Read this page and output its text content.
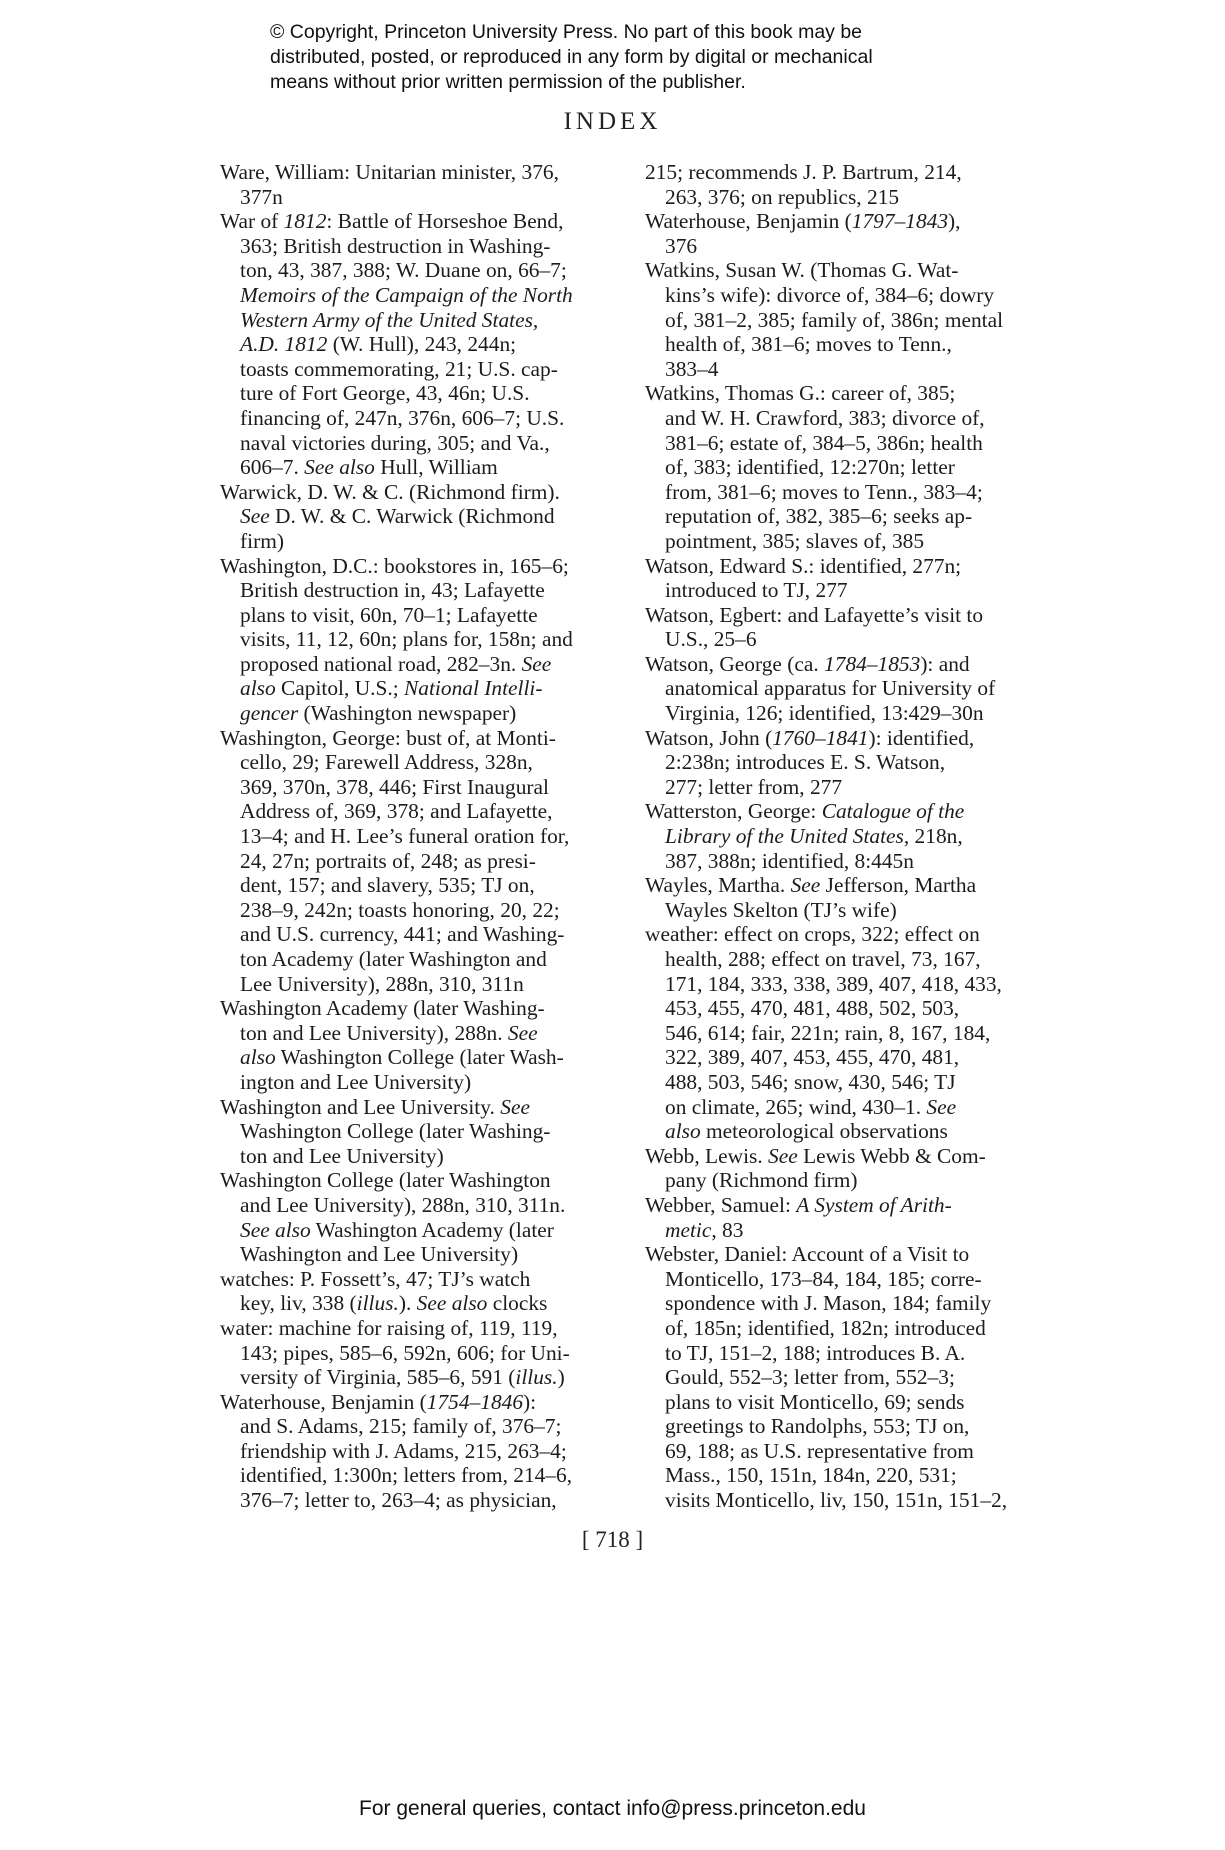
© Copyright, Princeton University Press. No part of this book may be
distributed, posted, or reproduced in any form by digital or mechanical
means without prior written permission of the publisher.
INDEX
Ware, William: Unitarian minister, 376,
377n
War of 1812: Battle of Horseshoe Bend,
363; British destruction in Washing-
ton, 43, 387, 388; W. Duane on, 66–7;
Memoirs of the Campaign of the North
Western Army of the United States,
A.D. 1812 (W. Hull), 243, 244n;
toasts commemorating, 21; U.S. cap-
ture of Fort George, 43, 46n; U.S.
financing of, 247n, 376n, 606–7; U.S.
naval victories during, 305; and Va.,
606–7. See also Hull, William
Warwick, D. W. & C. (Richmond firm).
See D. W. & C. Warwick (Richmond
firm)
Washington, D.C.: bookstores in, 165–6;
British destruction in, 43; Lafayette
plans to visit, 60n, 70–1; Lafayette
visits, 11, 12, 60n; plans for, 158n; and
proposed national road, 282–3n. See
also Capitol, U.S.; National Intelli-
gencer (Washington newspaper)
Washington, George: bust of, at Monti-
cello, 29; Farewell Address, 328n,
369, 370n, 378, 446; First Inaugural
Address of, 369, 378; and Lafayette,
13–4; and H. Lee’s funeral oration for,
24, 27n; portraits of, 248; as presi-
dent, 157; and slavery, 535; TJ on,
238–9, 242n; toasts honoring, 20, 22;
and U.S. currency, 441; and Washing-
ton Academy (later Washington and
Lee University), 288n, 310, 311n
Washington Academy (later Washing-
ton and Lee University), 288n. See
also Washington College (later Wash-
ington and Lee University)
Washington and Lee University. See
Washington College (later Washing-
ton and Lee University)
Washington College (later Washington
and Lee University), 288n, 310, 311n.
See also Washington Academy (later
Washington and Lee University)
watches: P. Fossett’s, 47; TJ’s watch
key, liv, 338 (illus.). See also clocks
water: machine for raising of, 119, 119,
143; pipes, 585–6, 592n, 606; for Uni-
versity of Virginia, 585–6, 591 (illus.)
Waterhouse, Benjamin (1754–1846):
and S. Adams, 215; family of, 376–7;
friendship with J. Adams, 215, 263–4;
identified, 1:300n; letters from, 214–6,
376–7; letter to, 263–4; as physician,
215; recommends J. P. Bartrum, 214,
263, 376; on republics, 215
Waterhouse, Benjamin (1797–1843),
376
Watkins, Susan W. (Thomas G. Wat-
kins’s wife): divorce of, 384–6; dowry
of, 381–2, 385; family of, 386n; mental
health of, 381–6; moves to Tenn.,
383–4
Watkins, Thomas G.: career of, 385;
and W. H. Crawford, 383; divorce of,
381–6; estate of, 384–5, 386n; health
of, 383; identified, 12:270n; letter
from, 381–6; moves to Tenn., 383–4;
reputation of, 382, 385–6; seeks ap-
pointment, 385; slaves of, 385
Watson, Edward S.: identified, 277n;
introduced to TJ, 277
Watson, Egbert: and Lafayette’s visit to
U.S., 25–6
Watson, George (ca. 1784–1853): and
anatomical apparatus for University of
Virginia, 126; identified, 13:429–30n
Watson, John (1760–1841): identified,
2:238n; introduces E. S. Watson,
277; letter from, 277
Watterston, George: Catalogue of the
Library of the United States, 218n,
387, 388n; identified, 8:445n
Wayles, Martha. See Jefferson, Martha
Wayles Skelton (TJ’s wife)
weather: effect on crops, 322; effect on
health, 288; effect on travel, 73, 167,
171, 184, 333, 338, 389, 407, 418, 433,
453, 455, 470, 481, 488, 502, 503,
546, 614; fair, 221n; rain, 8, 167, 184,
322, 389, 407, 453, 455, 470, 481,
488, 503, 546; snow, 430, 546; TJ
on climate, 265; wind, 430–1. See
also meteorological observations
Webb, Lewis. See Lewis Webb & Com-
pany (Richmond firm)
Webber, Samuel: A System of Arith-
metic, 83
Webster, Daniel: Account of a Visit to
Monticello, 173–84, 184, 185; corre-
spondence with J. Mason, 184; family
of, 185n; identified, 182n; introduced
to TJ, 151–2, 188; introduces B. A.
Gould, 552–3; letter from, 552–3;
plans to visit Monticello, 69; sends
greetings to Randolphs, 553; TJ on,
69, 188; as U.S. representative from
Mass., 150, 151n, 184n, 220, 531;
visits Monticello, liv, 150, 151n, 151–2,
[ 718 ]
For general queries, contact info@press.princeton.edu
